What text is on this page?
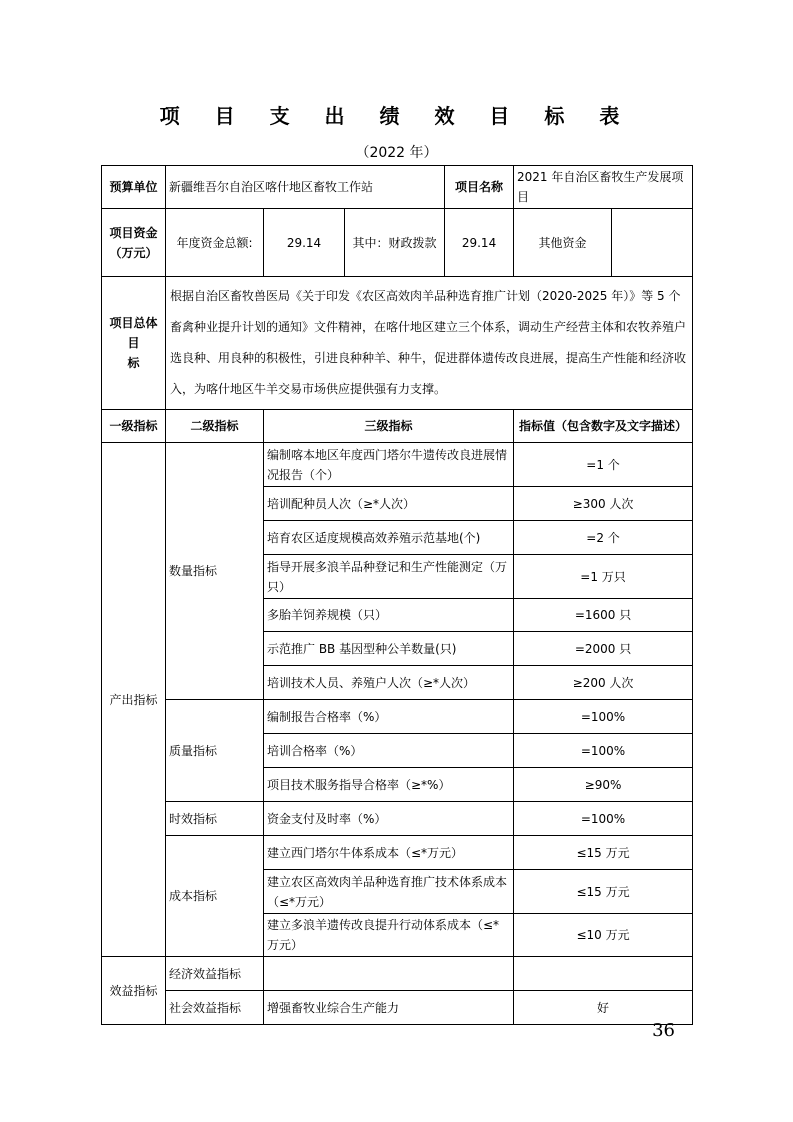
项 目 支 出 绩 效 目 标 表
（2022 年）
预算单位	新疆维吾尔自治区喀什地区畜牧工作站			项目名称	2021 年自治区畜牧生产发展项目	
项目资金
（万元）	年度资金总额:	29.14	其中：财政拨款	29.14	其他资金	
项目总体目
标	根据自治区畜牧兽医局《关于印发《农区高效肉羊品种选育推广计划（2020-2025 年）》等 5 个畜禽种业提升计划的通知》文件精神，在喀什地区建立三个体系，调动生产经营主体和农牧养殖户选良种、用良种的积极性，引进良种种羊、种牛，促进群体遗传改良进展，提高生产性能和经济收入，为喀什地区牛羊交易市场供应提供强有力支撑。					
一级指标	二级指标	三级指标			指标值（包含数字及文字描述）	
产出指标	数量指标	编制喀本地区年度西门塔尔牛遗传改良进展情况报告（个）			=1 个	
		培训配种员人次（≥*人次）			≥300 人次	
		培育农区适度规模高效养殖示范基地(个)			=2 个	
		指导开展多浪羊品种登记和生产性能测定（万只）			=1 万只	
		多胎羊饲养规模（只）			=1600 只	
		示范推广 BB 基因型种公羊数量(只)			=2000 只	
		培训技术人员、养殖户人次（≥*人次）			≥200 人次	
	质量指标	编制报告合格率（%）			=100%	
		培训合格率（%）			=100%	
		项目技术服务指导合格率（≥*%）			≥90%	
	时效指标	资金支付及时率（%）			=100%	
	成本指标	建立西门塔尔牛体系成本（≤*万元）			≤15 万元	
		建立农区高效肉羊品种选育推广技术体系成本（≤*万元）			≤15 万元	
		建立多浪羊遗传改良提升行动体系成本（≤*万元）			≤10 万元	
效益指标	经济效益指标					
	社会效益指标	增强畜牧业综合生产能力			好	
36
